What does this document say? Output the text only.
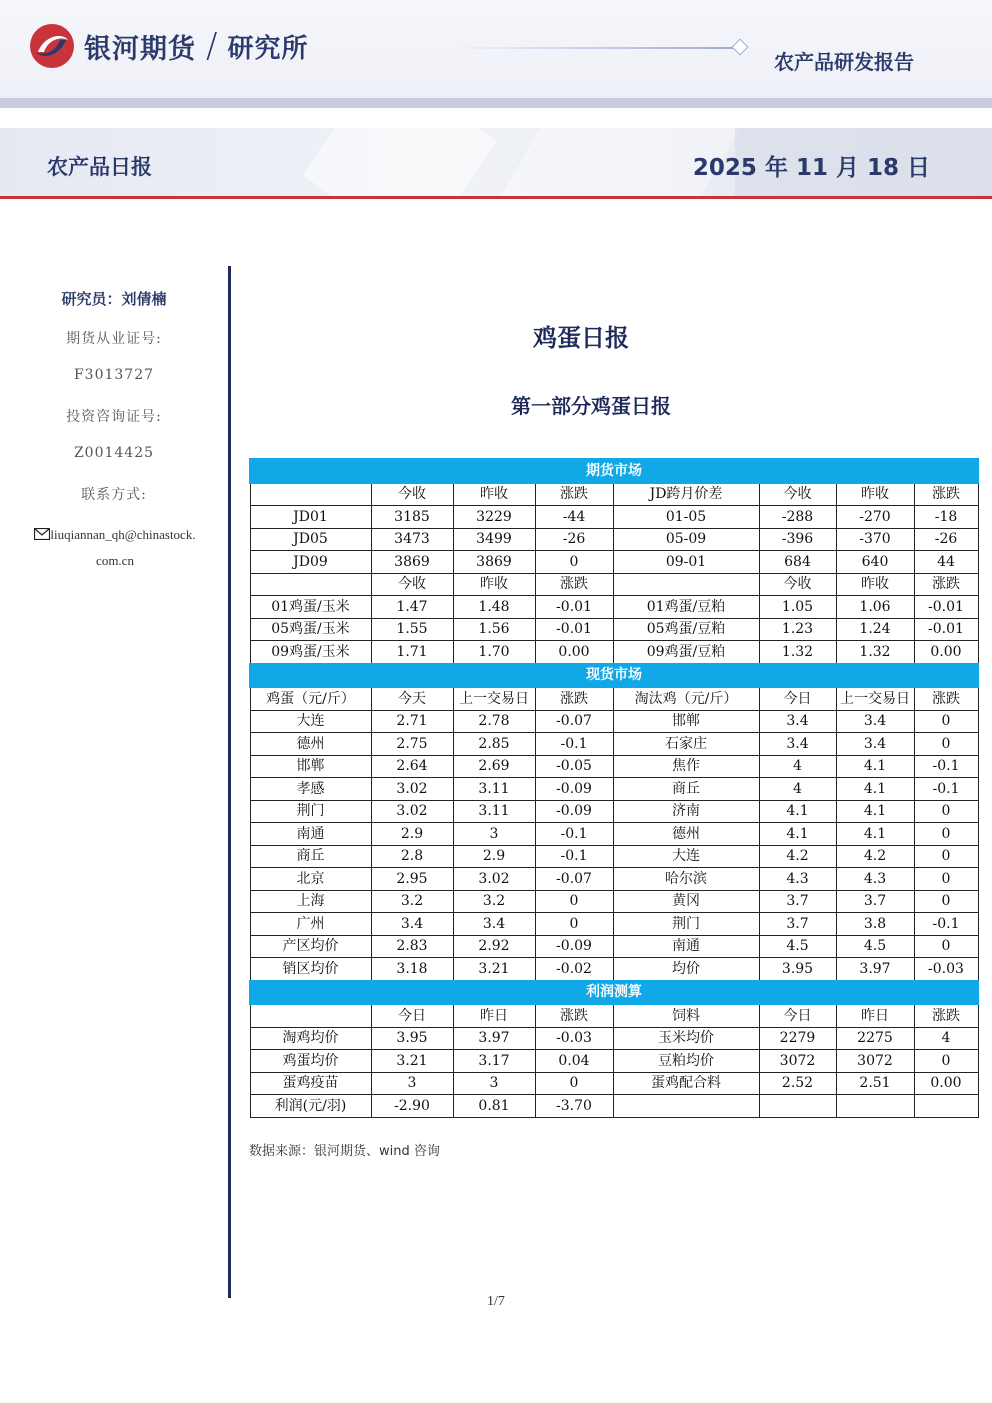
银河期货 / 研究所	农产品研发报告
农产品日报	2025 年 11 月 18 日
研究员：刘倩楠
期货从业证号:
F3013727
投资咨询证号:
Z0014425
联系方式:
liuqiannan_qh@chinastock.
com.cn
鸡蛋日报
第一部分鸡蛋日报
期货市场							
	今收	昨收	涨跌	JD跨月价差	今收	昨收	涨跌
JD01	3185	3229	-44	01-05	-288	-270	-18
JD05	3473	3499	-26	05-09	-396	-370	-26
JD09	3869	3869	0	09-01	684	640	44
	今收	昨收	涨跌		今收	昨收	涨跌
01鸡蛋/玉米	1.47	1.48	-0.01	01鸡蛋/豆粕	1.05	1.06	-0.01
05鸡蛋/玉米	1.55	1.56	-0.01	05鸡蛋/豆粕	1.23	1.24	-0.01
09鸡蛋/玉米	1.71	1.70	0.00	09鸡蛋/豆粕	1.32	1.32	0.00
现货市场							
鸡蛋（元/斤）	今天	上一交易日	涨跌	淘汰鸡（元/斤）	今日	上一交易日	涨跌
大连	2.71	2.78	-0.07	邯郸	3.4	3.4	0
德州	2.75	2.85	-0.1	石家庄	3.4	3.4	0
邯郸	2.64	2.69	-0.05	焦作	4	4.1	-0.1
孝感	3.02	3.11	-0.09	商丘	4	4.1	-0.1
荆门	3.02	3.11	-0.09	济南	4.1	4.1	0
南通	2.9	3	-0.1	德州	4.1	4.1	0
商丘	2.8	2.9	-0.1	大连	4.2	4.2	0
北京	2.95	3.02	-0.07	哈尔滨	4.3	4.3	0
上海	3.2	3.2	0	黄冈	3.7	3.7	0
广州	3.4	3.4	0	荆门	3.7	3.8	-0.1
产区均价	2.83	2.92	-0.09	南通	4.5	4.5	0
销区均价	3.18	3.21	-0.02	均价	3.95	3.97	-0.03
利润测算							
	今日	昨日	涨跌	饲料	今日	昨日	涨跌
淘鸡均价	3.95	3.97	-0.03	玉米均价	2279	2275	4
鸡蛋均价	3.21	3.17	0.04	豆粕均价	3072	3072	0
蛋鸡疫苗	3	3	0	蛋鸡配合料	2.52	2.51	0.00
利润(元/羽)	-2.90	0.81	-3.70				
数据来源：银河期货、wind 咨询
1/7
